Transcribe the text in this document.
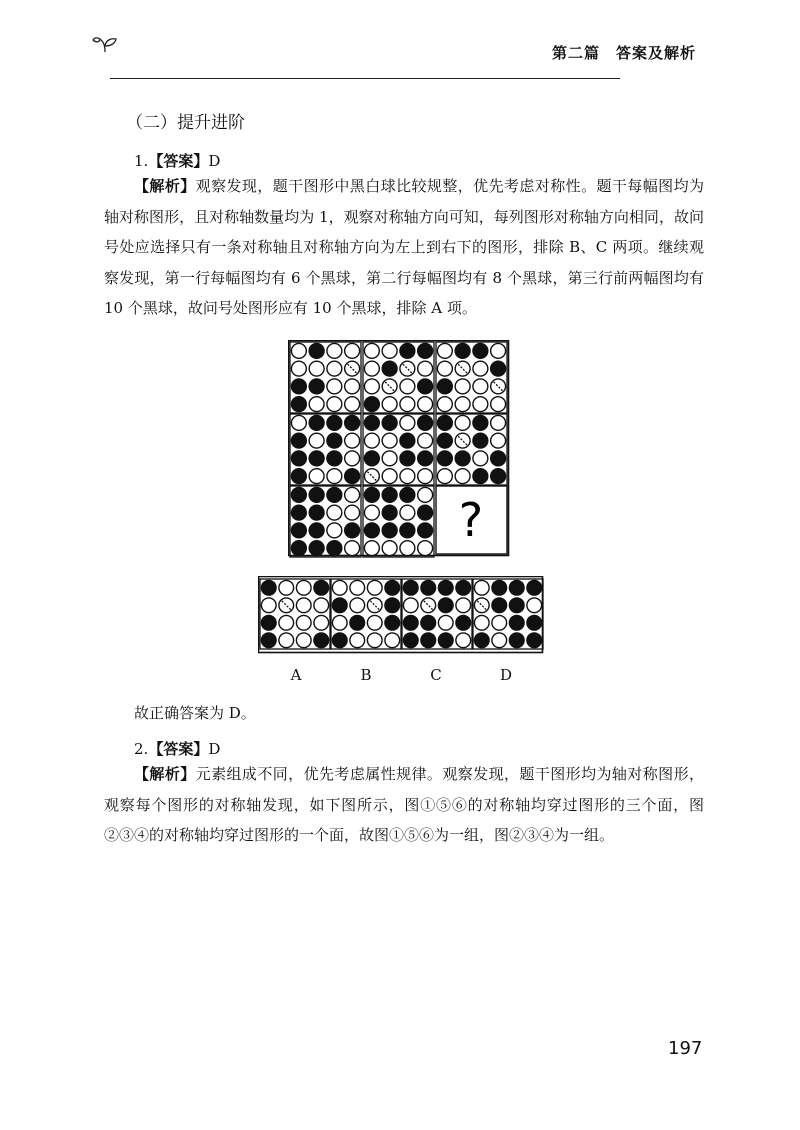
第二篇　答案及解析
（二）提升进阶
1.【答案】D

【解析】观察发现，题干图形中黑白球比较规整，优先考虑对称性。题干每幅图均为轴对称图形，且对称轴数量均为 1，观察对称轴方向可知，每列图形对称轴方向相同，故问号处应选择只有一条对称轴且对称轴方向为左上到右下的图形，排除 B、C 两项。继续观察发现，第一行每幅图均有 6 个黑球，第二行每幅图均有 8 个黑球，第三行前两幅图均有 10 个黑球，故问号处图形应有 10 个黑球，排除 A 项。

?
A	B	C	D
故正确答案为 D。
2.【答案】D

【解析】元素组成不同，优先考虑属性规律。观察发现，题干图形均为轴对称图形，观察每个图形的对称轴发现，如下图所示，图①⑤⑥的对称轴均穿过图形的三个面，图②③④的对称轴均穿过图形的一个面，故图①⑤⑥为一组，图②③④为一组。

197
